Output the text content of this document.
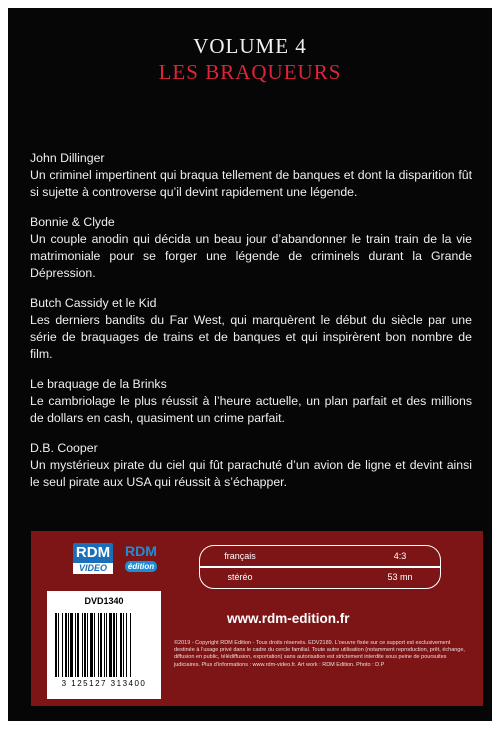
VOLUME 4
LES BRAQUEURS
John Dillinger
Un criminel impertinent qui braqua tellement de banques et dont la disparition fût si sujette à controverse qu’il devint rapidement une légende.
Bonnie & Clyde
Un couple anodin qui décida un beau jour d’abandonner le train train de la vie matrimoniale pour se forger une légende de criminels durant la Grande Dépression.
Butch Cassidy et le Kid
Les derniers bandits du Far West, qui marquèrent le début du siècle par une série de braquages de trains et de banques et qui inspirèrent bon nombre de film.
Le braquage de la Brinks
Le cambriolage le plus réussit à l’heure actuelle, un plan parfait et des millions de dollars en cash, quasiment un crime parfait.
D.B. Cooper
Un mystérieux pirate du ciel qui fût parachuté d’un avion de ligne et devint ainsi le seul pirate aux USA qui réussit à s’échapper.
RDM
VIDEO
RDM
édition
français	4:3
stéréo	53 mn
DVD1340
3 125127 313400
www.rdm-edition.fr
©2019 - Copyright RDM Edition - Tous droits réservés. EDV2189. L’oeuvre fixée sur ce support est exclusivement destinée à l’usage privé dans le cadre du cercle familial. Toute autre utilisation (notamment reproduction, prêt, échange, diffusion en public, télédiffusion, exportation) sans autorisation est strictement interdite sous peine de poursuites judiciaires. Plus d’informations : www.rdm-video.fr. Art work : RDM Edition. Photo : D.P
